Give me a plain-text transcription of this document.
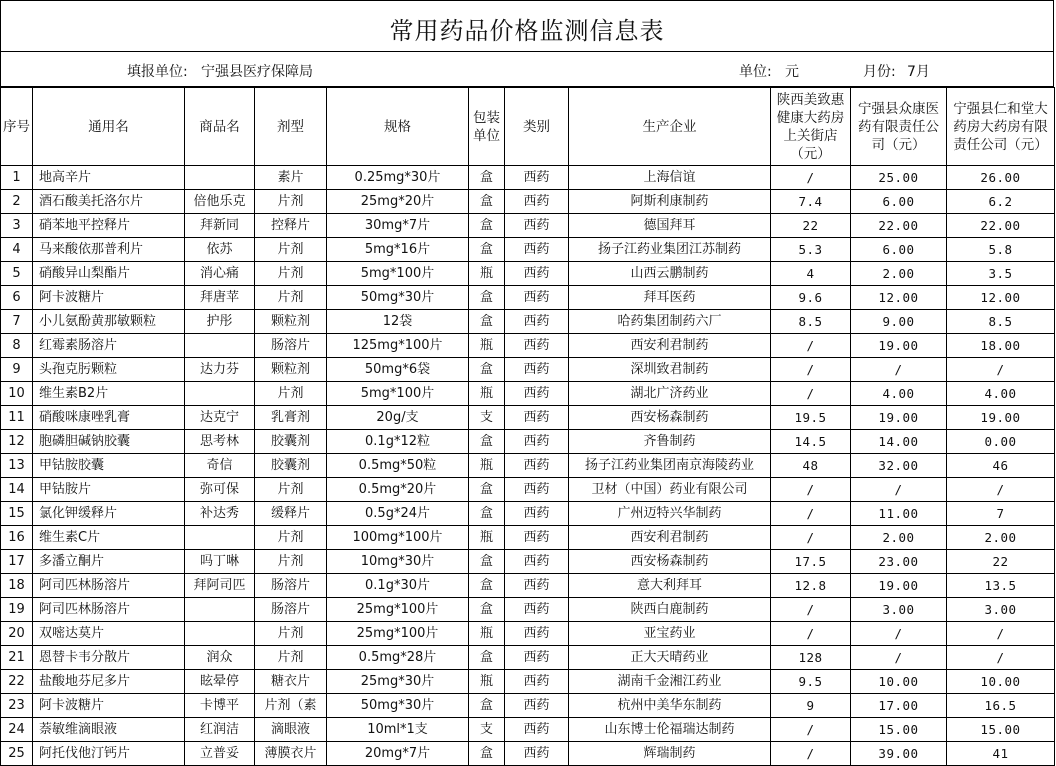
常用药品价格监测信息表
填报单位: 宁强县医疗保障局	单位: 元	月份: 7月
序号	通用名	商品名	剂型	规格	包装单位	类别	生产企业	陕西美致惠健康大药房上关街店（元）	宁强县众康医药有限责任公司（元）	宁强县仁和堂大药房大药房有限责任公司（元）
1	地高辛片		素片	0.25mg*30片	盒	西药	上海信谊	/	25.00	26.00
2	酒石酸美托洛尔片	倍他乐克	片剂	25mg*20片	盒	西药	阿斯利康制药	7.4	6.00	6.2
3	硝苯地平控释片	拜新同	控释片	30mg*7片	盒	西药	德国拜耳	22	22.00	22.00
4	马来酸依那普利片	依苏	片剂	5mg*16片	盒	西药	扬子江药业集团江苏制药	5.3	6.00	5.8
5	硝酸异山梨酯片	消心痛	片剂	5mg*100片	瓶	西药	山西云鹏制药	4	2.00	3.5
6	阿卡波糖片	拜唐苹	片剂	50mg*30片	盒	西药	拜耳医药	9.6	12.00	12.00
7	小儿氨酚黄那敏颗粒	护彤	颗粒剂	12袋	盒	西药	哈药集团制药六厂	8.5	9.00	8.5
8	红霉素肠溶片		肠溶片	125mg*100片	瓶	西药	西安利君制药	/	19.00	18.00
9	头孢克肟颗粒	达力芬	颗粒剂	50mg*6袋	盒	西药	深圳致君制药	/	/	/
10	维生素B2片		片剂	5mg*100片	瓶	西药	湖北广济药业	/	4.00	4.00
11	硝酸咪康唑乳膏	达克宁	乳膏剂	20g/支	支	西药	西安杨森制药	19.5	19.00	19.00
12	胞磷胆碱钠胶囊	思考林	胶囊剂	0.1g*12粒	盒	西药	齐鲁制药	14.5	14.00	0.00
13	甲钴胺胶囊	奇信	胶囊剂	0.5mg*50粒	瓶	西药	扬子江药业集团南京海陵药业	48	32.00	46
14	甲钴胺片	弥可保	片剂	0.5mg*20片	盒	西药	卫材（中国）药业有限公司	/	/	/
15	氯化钾缓释片	补达秀	缓释片	0.5g*24片	盒	西药	广州迈特兴华制药	/	11.00	7
16	维生素C片		片剂	100mg*100片	瓶	西药	西安利君制药	/	2.00	2.00
17	多潘立酮片	吗丁啉	片剂	10mg*30片	盒	西药	西安杨森制药	17.5	23.00	22
18	阿司匹林肠溶片	拜阿司匹	肠溶片	0.1g*30片	盒	西药	意大利拜耳	12.8	19.00	13.5
19	阿司匹林肠溶片		肠溶片	25mg*100片	盒	西药	陕西白鹿制药	/	3.00	3.00
20	双嘧达莫片		片剂	25mg*100片	瓶	西药	亚宝药业	/	/	/
21	恩替卡韦分散片	润众	片剂	0.5mg*28片	盒	西药	正大天晴药业	128	/	/
22	盐酸地芬尼多片	眩晕停	糖衣片	25mg*30片	瓶	西药	湖南千金湘江药业	9.5	10.00	10.00
23	阿卡波糖片	卡博平	片剂（素	50mg*30片	盒	西药	杭州中美华东制药	9	17.00	16.5
24	萘敏维滴眼液	红润洁	滴眼液	10ml*1支	支	西药	山东博士伦福瑞达制药	/	15.00	15.00
25	阿托伐他汀钙片	立普妥	薄膜衣片	20mg*7片	盒	西药	辉瑞制药	/	39.00	41
